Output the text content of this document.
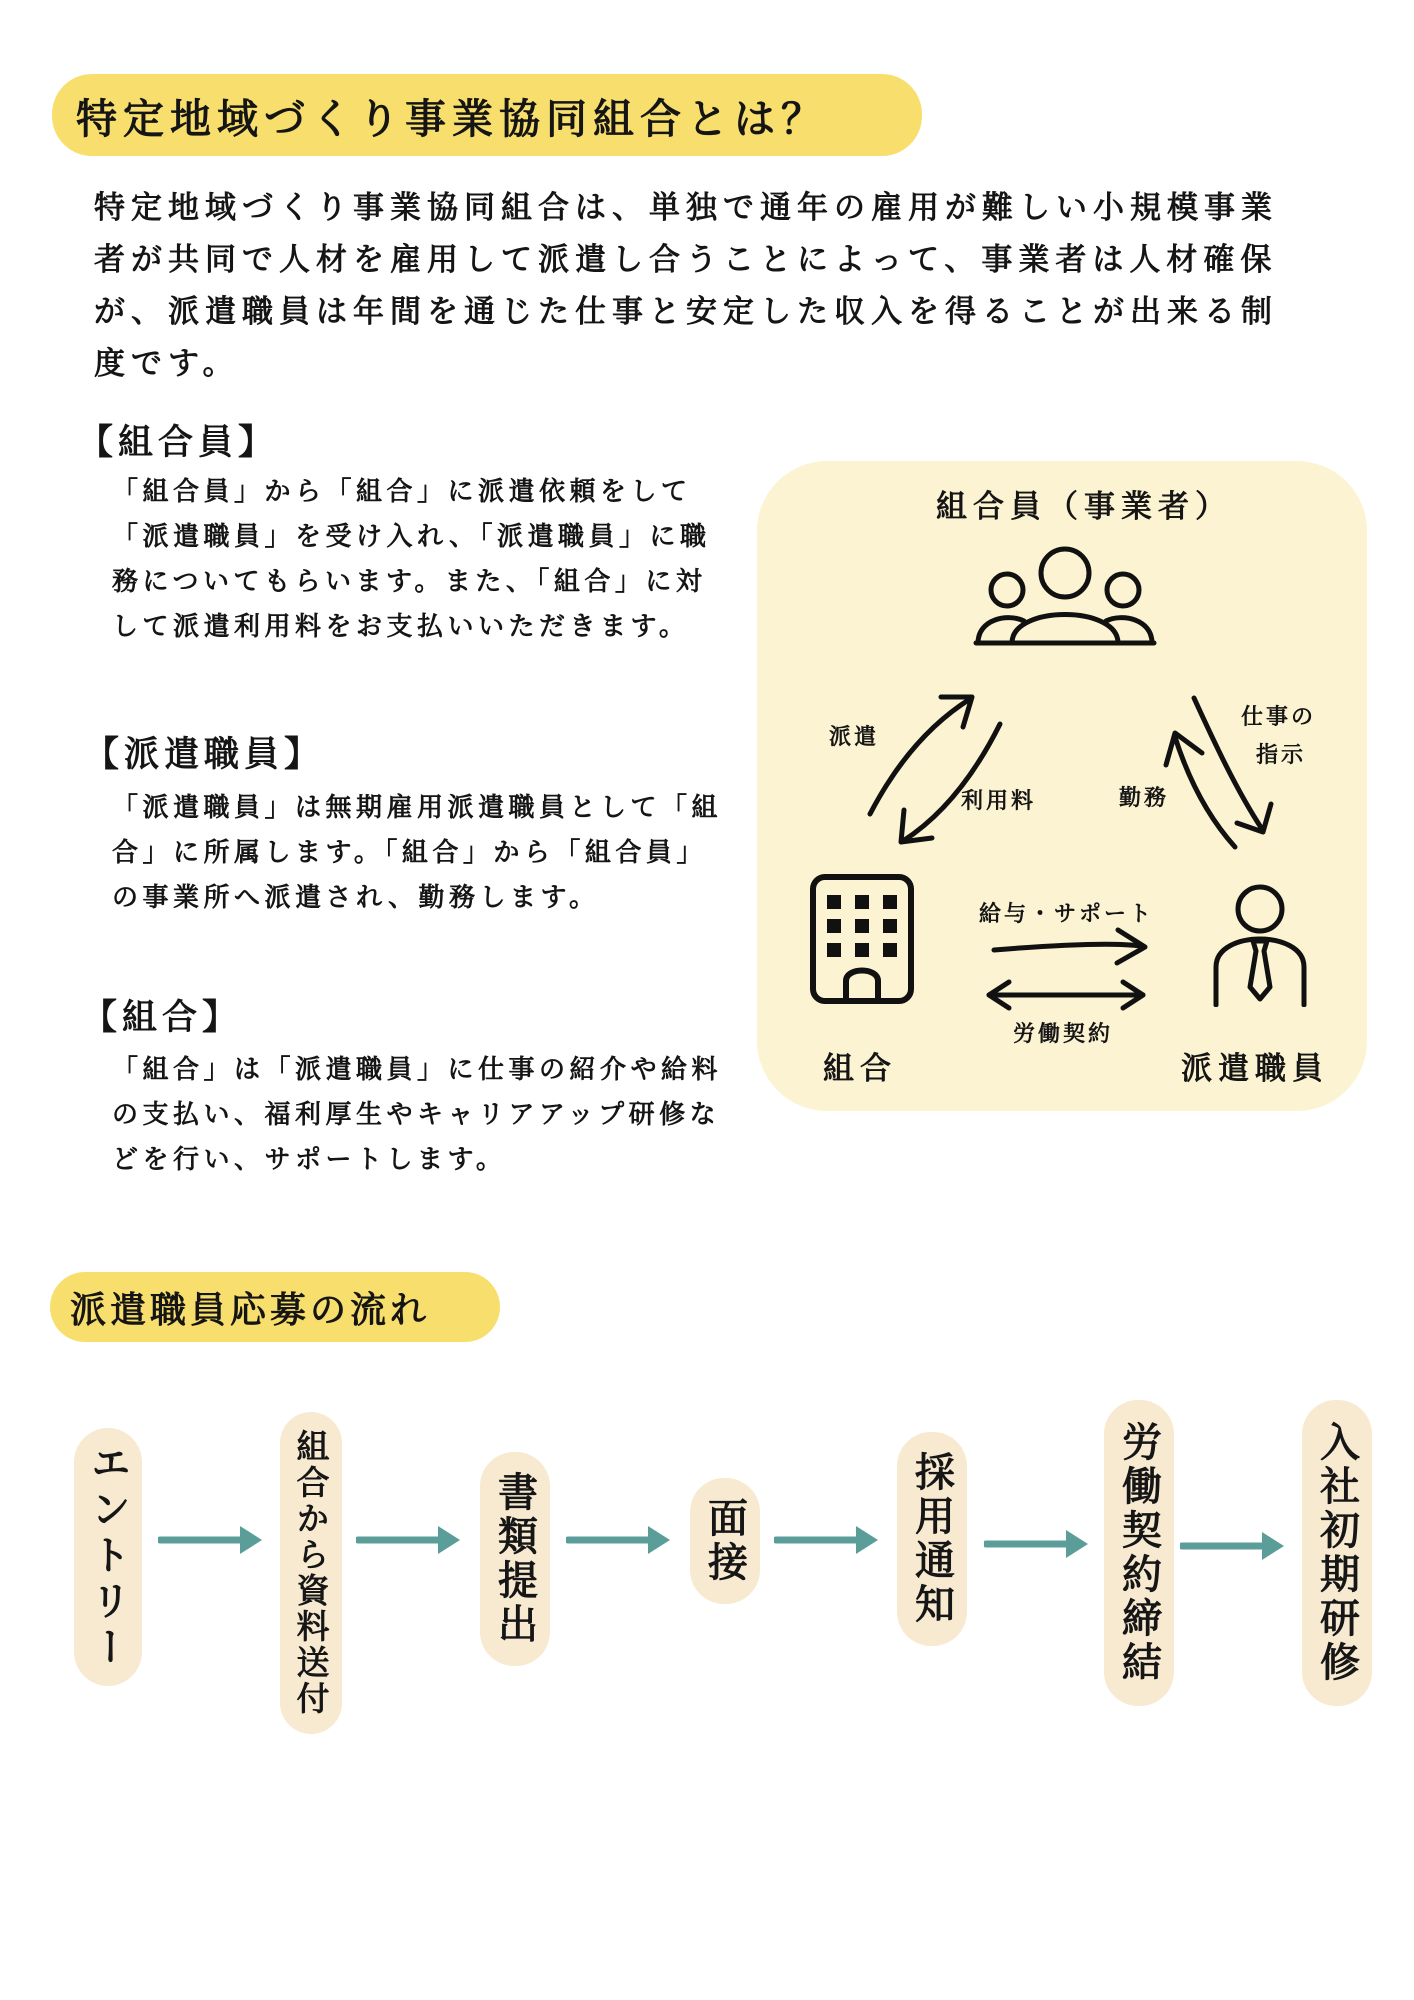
特定地域づくり事業協同組合とは？
特定地域づくり事業協同組合は、単独で通年の雇用が難しい小規模事業者が共同で人材を雇用して派遣し合うことによって、事業者は人材確保が、派遣職員は年間を通じた仕事と安定した収入を得ることが出来る制度です。
【組合員】
「組合員」から「組合」に派遣依頼をして「派遣職員」を受け入れ、「派遣職員」に職務についてもらいます。また、「組合」に対して派遣利用料をお支払いいただきます。
【派遣職員】
「派遣職員」は無期雇用派遣職員として「組合」に所属します。「組合」から「組合員」の事業所へ派遣され、勤務します。
【組合】
「組合」は「派遣職員」に仕事の紹介や給料の支払い、福利厚生やキャリアアップ研修などを行い、サポートします。
組合員（事業者）
派遣
利用料
仕事の
指示
勤務
給与・サポート
労働契約
組合	派遣職員
派遣職員応募の流れ
エントリー	組合から資料送付	書類提出	面接	採用通知	労働契約締結	入社初期研修
